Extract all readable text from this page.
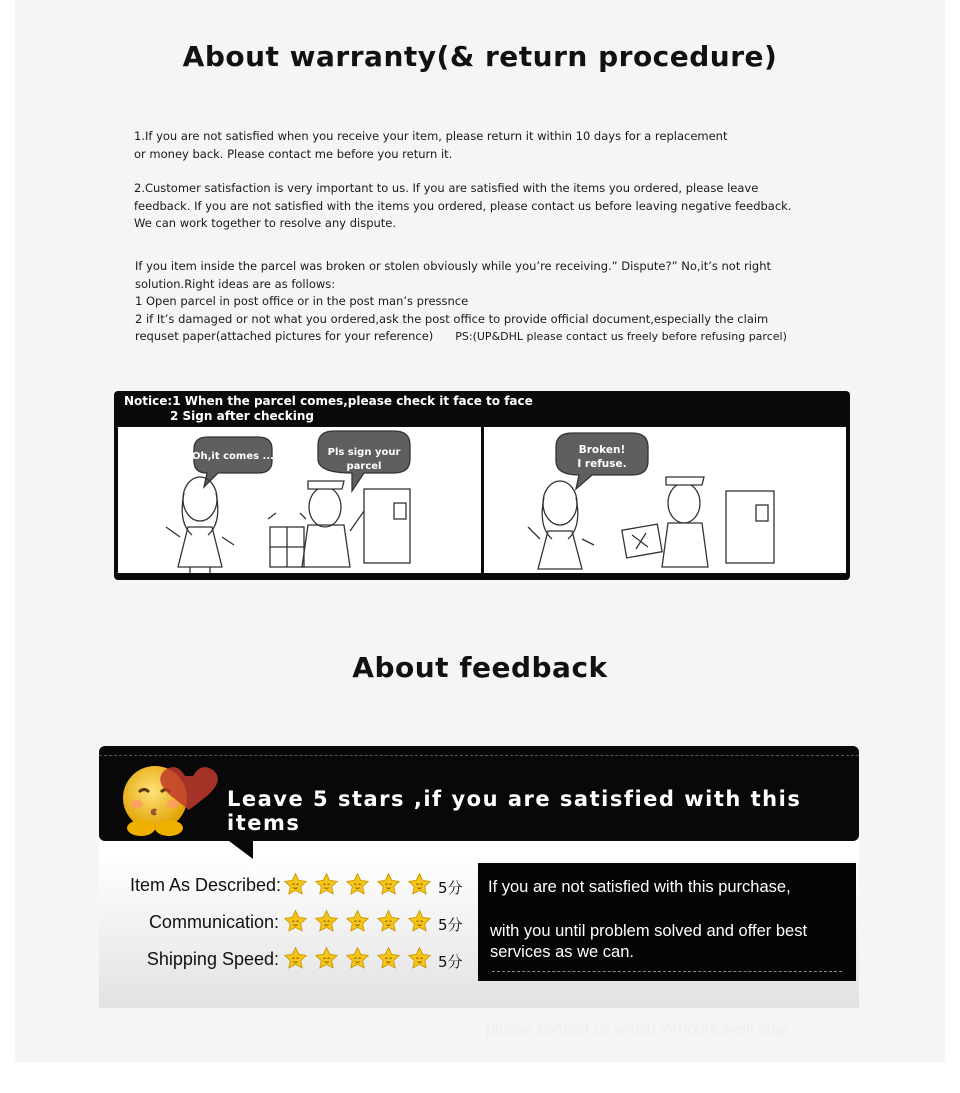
About warranty(& return procedure)

1.If you are not satisfied when you receive your item, please return it within 10 days for a replacement

or money back. Please contact me before you return it.

2.Customer satisfaction is very important to us. If you are satisfied with the items you ordered, please leave

feedback. If you are not satisfied with the items you ordered, please contact us before leaving negative feedback.

We can work together to resolve any dispute.

If you item inside the parcel was broken or stolen obviously while you’re receiving.” Dispute?” No,it’s not right

solution.Right ideas are as follows:

1 Open parcel in post office or in the post man’s pressnce

2 if It’s damaged or not what you ordered,ask the post office to provide official document,especially the claim

requset paper(attached pictures for your reference) PS:(UP&DHL please contact us freely before refusing parcel)

Notice:1 When the parcel comes,please check it face to face
2 Sign after checking
Oh,it comes ...	Pls sign your
parcel
Broken!
I refuse.
About feedback
Leave 5 stars ,if you are satisfied with this items
Item As Described:	5分
Communication:	5分
Shipping Speed:	5分
If you are not satisfied with this purchase,
with you until problem solved and offer best
services as we can.
please contact us within 24hours,we’ll stay
